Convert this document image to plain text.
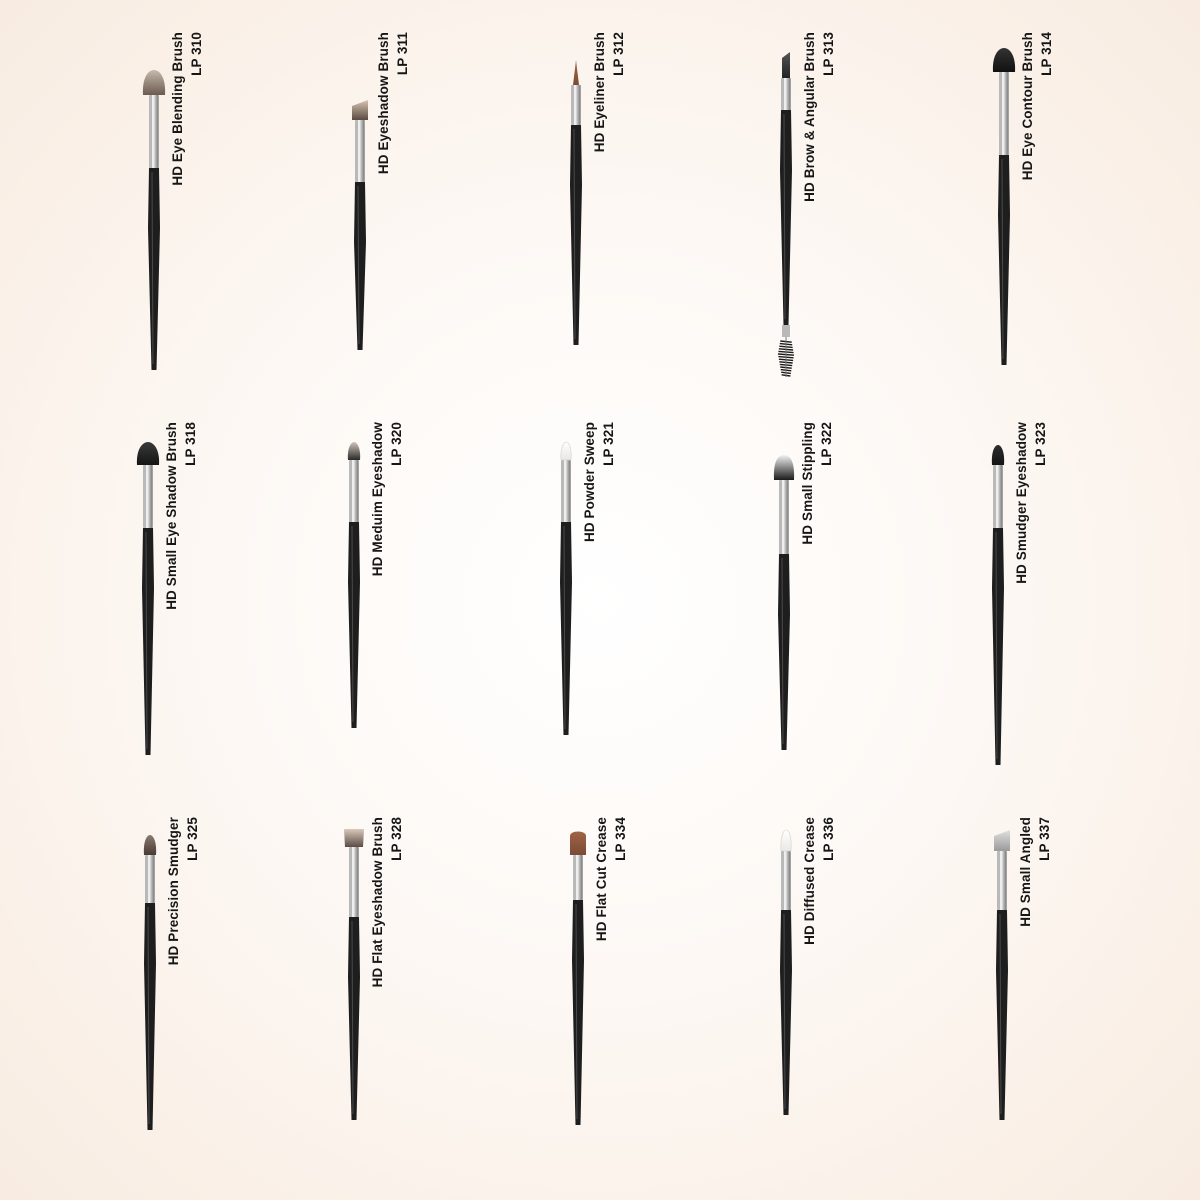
HD Eye Blending Brush LP 310	HD Eyeshadow Brush LP 311	HD Eyeliner Brush LP 312	HD Brow & Angular Brush LP 313	HD Eye Contour Brush LP 314
HD Small Eye Shadow Brush LP 318	HD Meduim Eyeshadow LP 320	HD Powder Sweep LP 321	HD Small Stippling LP 322	HD Smudger Eyeshadow LP 323
HD Precision Smudger LP 325	HD Flat Eyeshadow Brush LP 328	HD Flat Cut Crease LP 334	HD Diffused Crease LP 336	HD Small Angled LP 337
